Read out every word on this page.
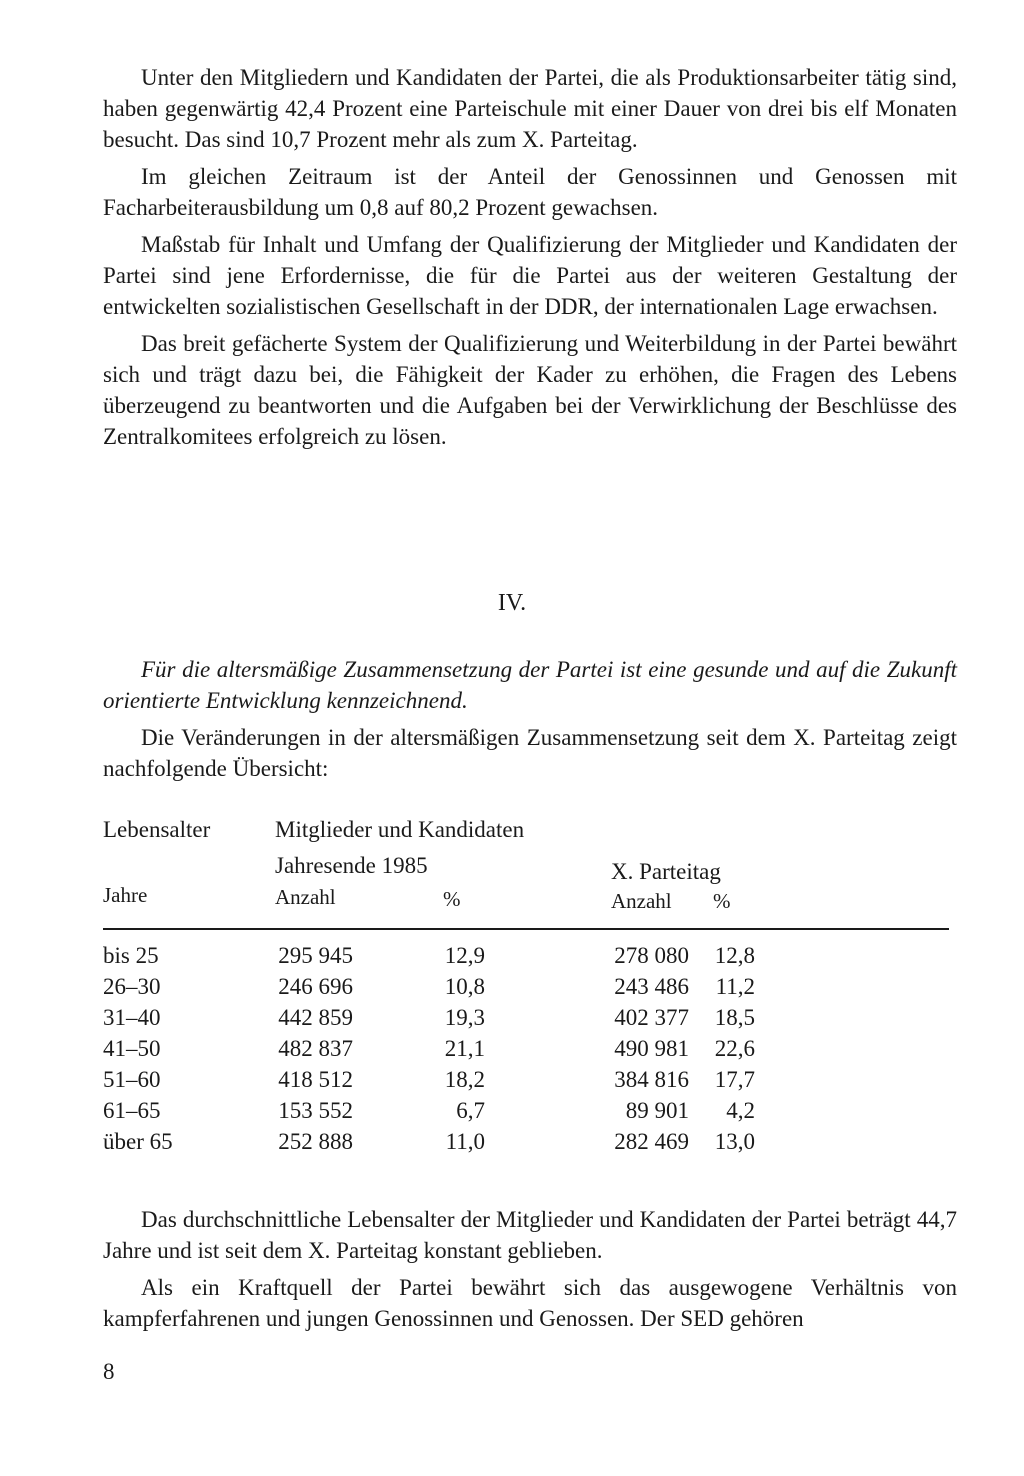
Unter den Mitgliedern und Kandidaten der Partei, die als Produktionsarbeiter tätig sind, haben gegenwärtig 42,4 Prozent eine Parteischule mit einer Dauer von drei bis elf Monaten besucht. Das sind 10,7 Prozent mehr als zum X. Parteitag.

Im gleichen Zeitraum ist der Anteil der Genossinnen und Genossen mit Facharbeiterausbildung um 0,8 auf 80,2 Prozent gewachsen.

Maßstab für Inhalt und Umfang der Qualifizierung der Mitglieder und Kandidaten der Partei sind jene Erfordernisse, die für die Partei aus der weiteren Gestaltung der entwickelten sozialistischen Gesellschaft in der DDR, der internationalen Lage erwachsen.

Das breit gefächerte System der Qualifizierung und Weiterbildung in der Partei bewährt sich und trägt dazu bei, die Fähigkeit der Kader zu erhöhen, die Fragen des Lebens überzeugend zu beantworten und die Aufgaben bei der Verwirklichung der Beschlüsse des Zentralkomitees erfolgreich zu lösen.

IV.

Für die altersmäßige Zusammensetzung der Partei ist eine gesunde und auf die Zukunft orientierte Entwicklung kennzeichnend.

Die Veränderungen in der altersmäßigen Zusammensetzung seit dem X. Parteitag zeigt nachfolgende Übersicht:

Lebensalter
Jahre
Mitglieder und Kandidaten
Jahresende 1985	X. Parteitag
Anzahl	%	Anzahl %
bis 25	295 945	12,9	278 080	12,8
26–30	246 696	10,8	243 486	11,2
31–40	442 859	19,3	402 377	18,5
41–50	482 837	21,1	490 981	22,6
51–60	418 512	18,2	384 816	17,7
61–65	153 552	6,7	89 901	4,2
über 65	252 888	11,0	282 469	13,0

Das durchschnittliche Lebensalter der Mitglieder und Kandidaten der Partei beträgt 44,7 Jahre und ist seit dem X. Parteitag konstant geblieben.

Als ein Kraftquell der Partei bewährt sich das ausgewogene Verhältnis von kampferfahrenen und jungen Genossinnen und Genossen. Der SED gehören

8
